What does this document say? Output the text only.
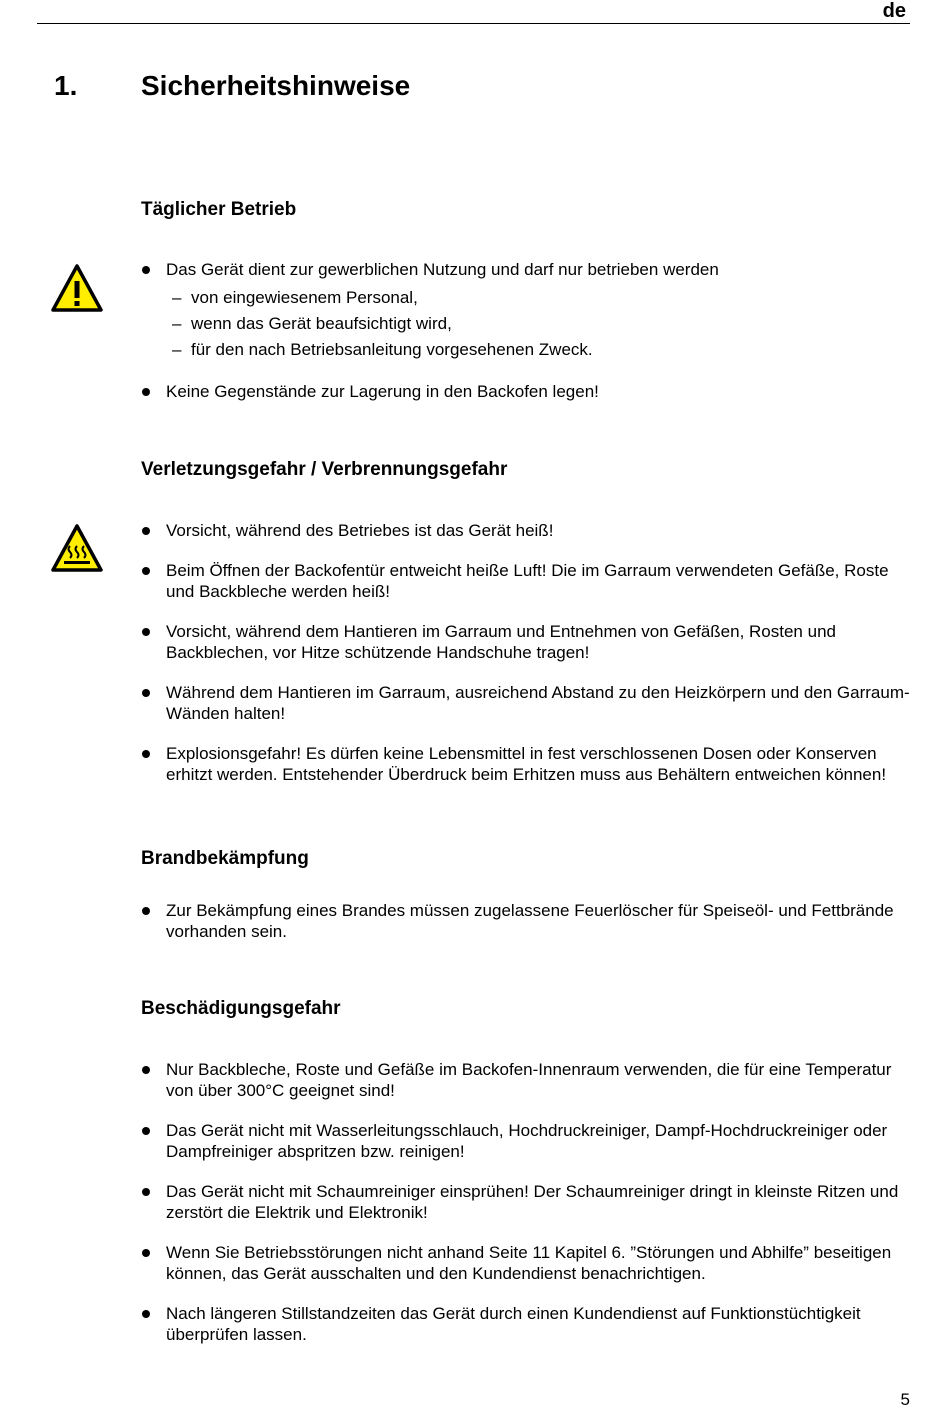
de
1. Sicherheitshinweise
Täglicher Betrieb
Das Gerät dient zur gewerblichen Nutzung und darf nur betrieben werden
– von eingewiesenem Personal,
– wenn das Gerät beaufsichtigt wird,
– für den nach Betriebsanleitung vorgesehenen Zweck.
Keine Gegenstände zur Lagerung in den Backofen legen!
Verletzungsgefahr / Verbrennungsgefahr
Vorsicht, während des Betriebes ist das Gerät heiß!
Beim Öffnen der Backofentür entweicht heiße Luft! Die im Garraum verwendeten Gefäße, Roste und Backbleche werden heiß!
Vorsicht, während dem Hantieren im Garraum und Entnehmen von Gefäßen, Rosten und Backblechen, vor Hitze schützende Handschuhe tragen!
Während dem Hantieren im Garraum, ausreichend Abstand zu den Heizkörpern und den Garraum-Wänden halten!
Explosionsgefahr! Es dürfen keine Lebensmittel in fest verschlossenen Dosen oder Konserven erhitzt werden. Entstehender Überdruck beim Erhitzen muss aus Behältern entweichen können!
Brandbekämpfung
Zur Bekämpfung eines Brandes müssen zugelassene Feuerlöscher für Speiseöl- und Fettbrände vorhanden sein.
Beschädigungsgefahr
Nur Backbleche, Roste und Gefäße im Backofen-Innenraum verwenden, die für eine Temperatur von über 300°C geeignet sind!
Das Gerät nicht mit Wasserleitungsschlauch, Hochdruckreiniger, Dampf-Hochdruckreiniger oder Dampfreiniger abspritzen bzw. reinigen!
Das Gerät nicht mit Schaumreiniger einsprühen! Der Schaumreiniger dringt in kleinste Ritzen und zerstört die Elektrik und Elektronik!
Wenn Sie Betriebsstörungen nicht anhand Seite 11 Kapitel 6. ”Störungen und Abhilfe” beseitigen können, das Gerät ausschalten und den Kundendienst benachrichtigen.
Nach längeren Stillstandzeiten das Gerät durch einen Kundendienst auf Funktionstüchtigkeit überprüfen lassen.
5
